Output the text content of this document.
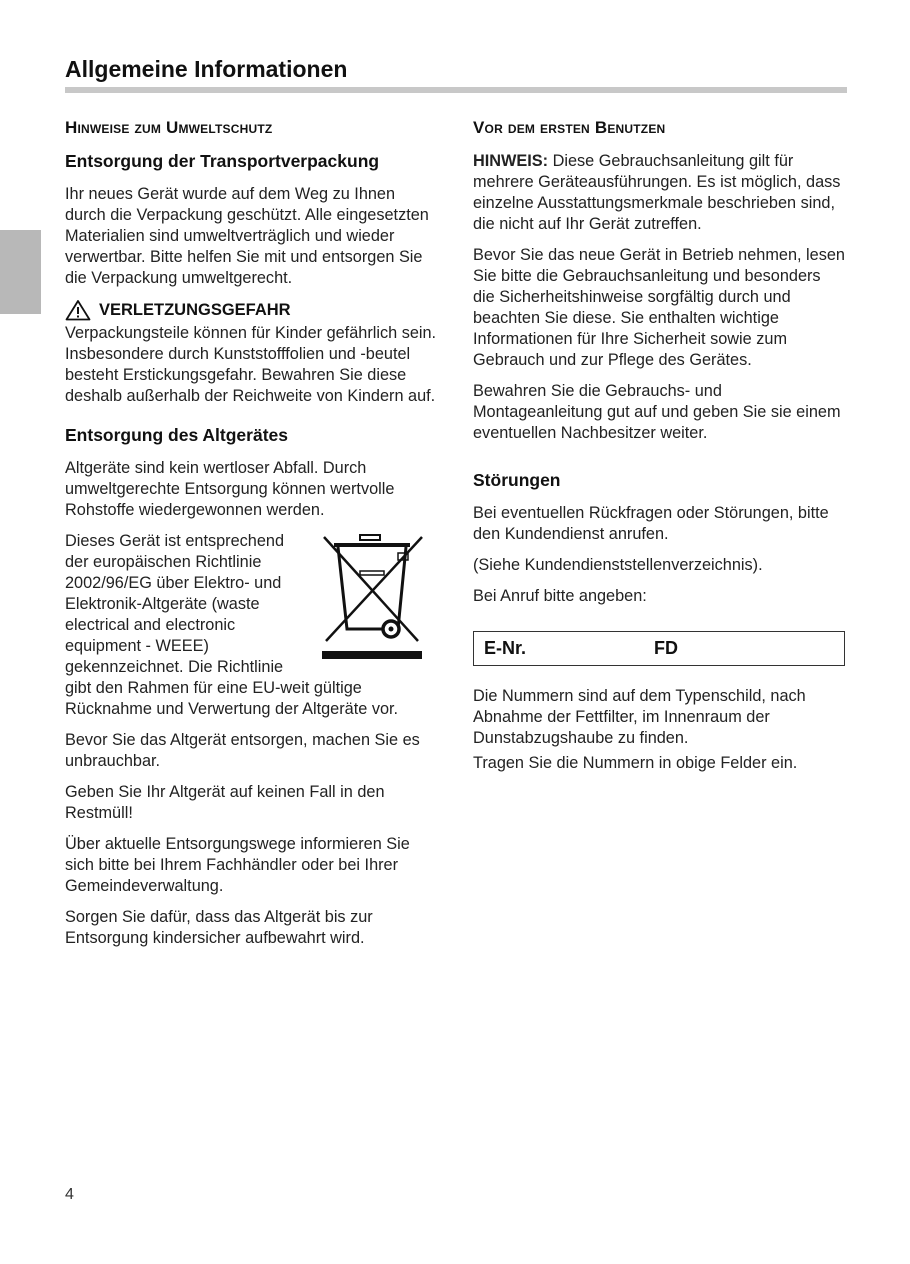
Allgemeine Informationen
Hinweise zum Umweltschutz
Entsorgung der Transportverpackung

Ihr neues Gerät wurde auf dem Weg zu Ihnen durch die Verpackung geschützt. Alle eingesetzten Materialien sind umweltverträglich und wieder verwertbar. Bitte helfen Sie mit und entsorgen Sie die Verpackung umweltgerecht.

VERLETZUNGSGEFAHR

Verpackungsteile können für Kinder gefährlich sein. Insbesondere durch Kunststofffolien und -beutel besteht Erstickungsgefahr. Bewahren Sie diese deshalb außerhalb der Reichweite von Kindern auf.

Entsorgung des Altgerätes

Altgeräte sind kein wertloser Abfall. Durch umweltgerechte Entsorgung können wertvolle Rohstoffe wiedergewonnen werden.

Dieses Gerät ist entsprechend der europäischen Richtlinie 2002/96/EG über Elektro- und Elektronik-Altgeräte (waste electrical and electronic equipment - WEEE) gekennzeichnet. Die Richtlinie

gibt den Rahmen für eine EU-weit gültige Rücknahme und Verwertung der Altgeräte vor.

Bevor Sie das Altgerät entsorgen, machen Sie es unbrauchbar.

Geben Sie Ihr Altgerät auf keinen Fall in den Restmüll!

Über aktuelle Entsorgungswege informieren Sie sich bitte bei Ihrem Fachhändler oder bei Ihrer Gemeindeverwaltung.

Sorgen Sie dafür, dass das Altgerät bis zur Entsorgung kindersicher aufbewahrt wird.

Vor dem ersten Benutzen

HINWEIS: Diese Gebrauchsanleitung gilt für mehrere Geräteausführungen. Es ist möglich, dass einzelne Ausstattungsmerkmale beschrieben sind, die nicht auf Ihr Gerät zutreffen.

Bevor Sie das neue Gerät in Betrieb nehmen, lesen Sie bitte die Gebrauchsanleitung und besonders die Sicherheitshinweise sorgfältig durch und beachten Sie diese. Sie enthalten wichtige Informationen für Ihre Sicherheit sowie zum Gebrauch und zur Pflege des Gerätes.

Bewahren Sie die Gebrauchs- und Montageanleitung gut auf und geben Sie sie einem eventuellen Nachbesitzer weiter.

Störungen

Bei eventuellen Rückfragen oder Störungen, bitte den Kundendienst anrufen.

(Siehe Kundendienststellenverzeichnis).

Bei Anruf bitte angeben:

E-Nr.	FD

Die Nummern sind auf dem Typenschild, nach Abnahme der Fettfilter, im Innenraum der Dunstabzugshaube zu finden.

Tragen Sie die Nummern in obige Felder ein.

4
